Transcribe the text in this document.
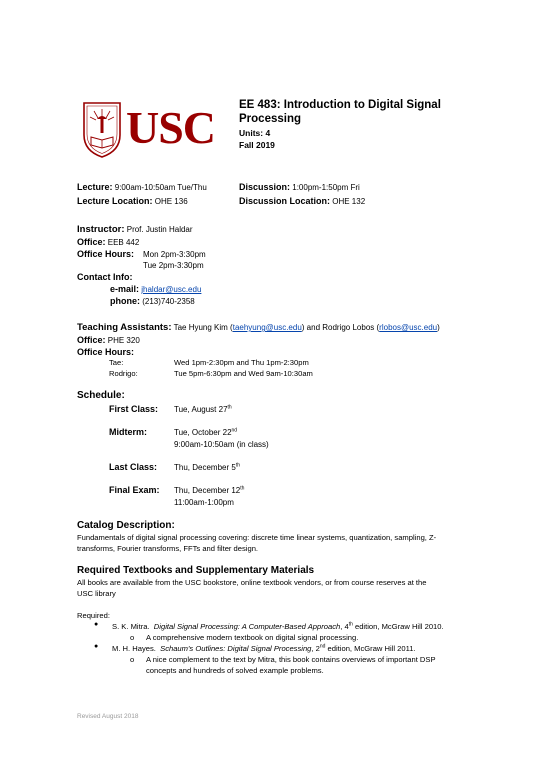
USC EE 483: Introduction to Digital Signal
Processing
Units: 4
Fall 2019
Lecture: 9:00am-10:50am Tue/Thu	Discussion: 1:00pm-1:50pm Fri
Lecture Location: OHE 136	Discussion Location: OHE 132
Instructor: Prof. Justin Haldar
Office: EEB 442
Office Hours: Mon 2pm-3:30pm
Tue 2pm-3:30pm
Contact Info:
e-mail: jhaldar@usc.edu
phone: (213)740-2358
Teaching Assistants: Tae Hyung Kim (taehyung@usc.edu) and Rodrigo Lobos (rlobos@usc.edu)
Office: PHE 320
Office Hours:
Tae:	Wed 1pm-2:30pm and Thu 1pm-2:30pm
Rodrigo:	Tue 5pm-6:30pm and Wed 9am-10:30am
Schedule:
First Class: Tue, August 27th
Midterm:	Tue, October 22nd
9:00am-10:50am (in class)
Last Class: Thu, December 5th
Final Exam: Thu, December 12th
11:00am-1:00pm
Catalog Description:
Fundamentals of digital signal processing covering: discrete time linear systems, quantization, sampling, Z-
transforms, Fourier transforms, FFTs and filter design.
Required Textbooks and Supplementary Materials
All books are available from the USC bookstore, online textbook vendors, or from course reserves at the
USC library
Required:
● S. K. Mitra. Digital Signal Processing: A Computer-Based Approach, 4th edition, McGraw Hill 2010.
o A comprehensive modern textbook on digital signal processing.
● M. H. Hayes. Schaum's Outlines: Digital Signal Processing, 2nd edition, McGraw Hill 2011.
o A nice complement to the text by Mitra, this book contains overviews of important DSP
concepts and hundreds of solved example problems.
Revised August 2018
